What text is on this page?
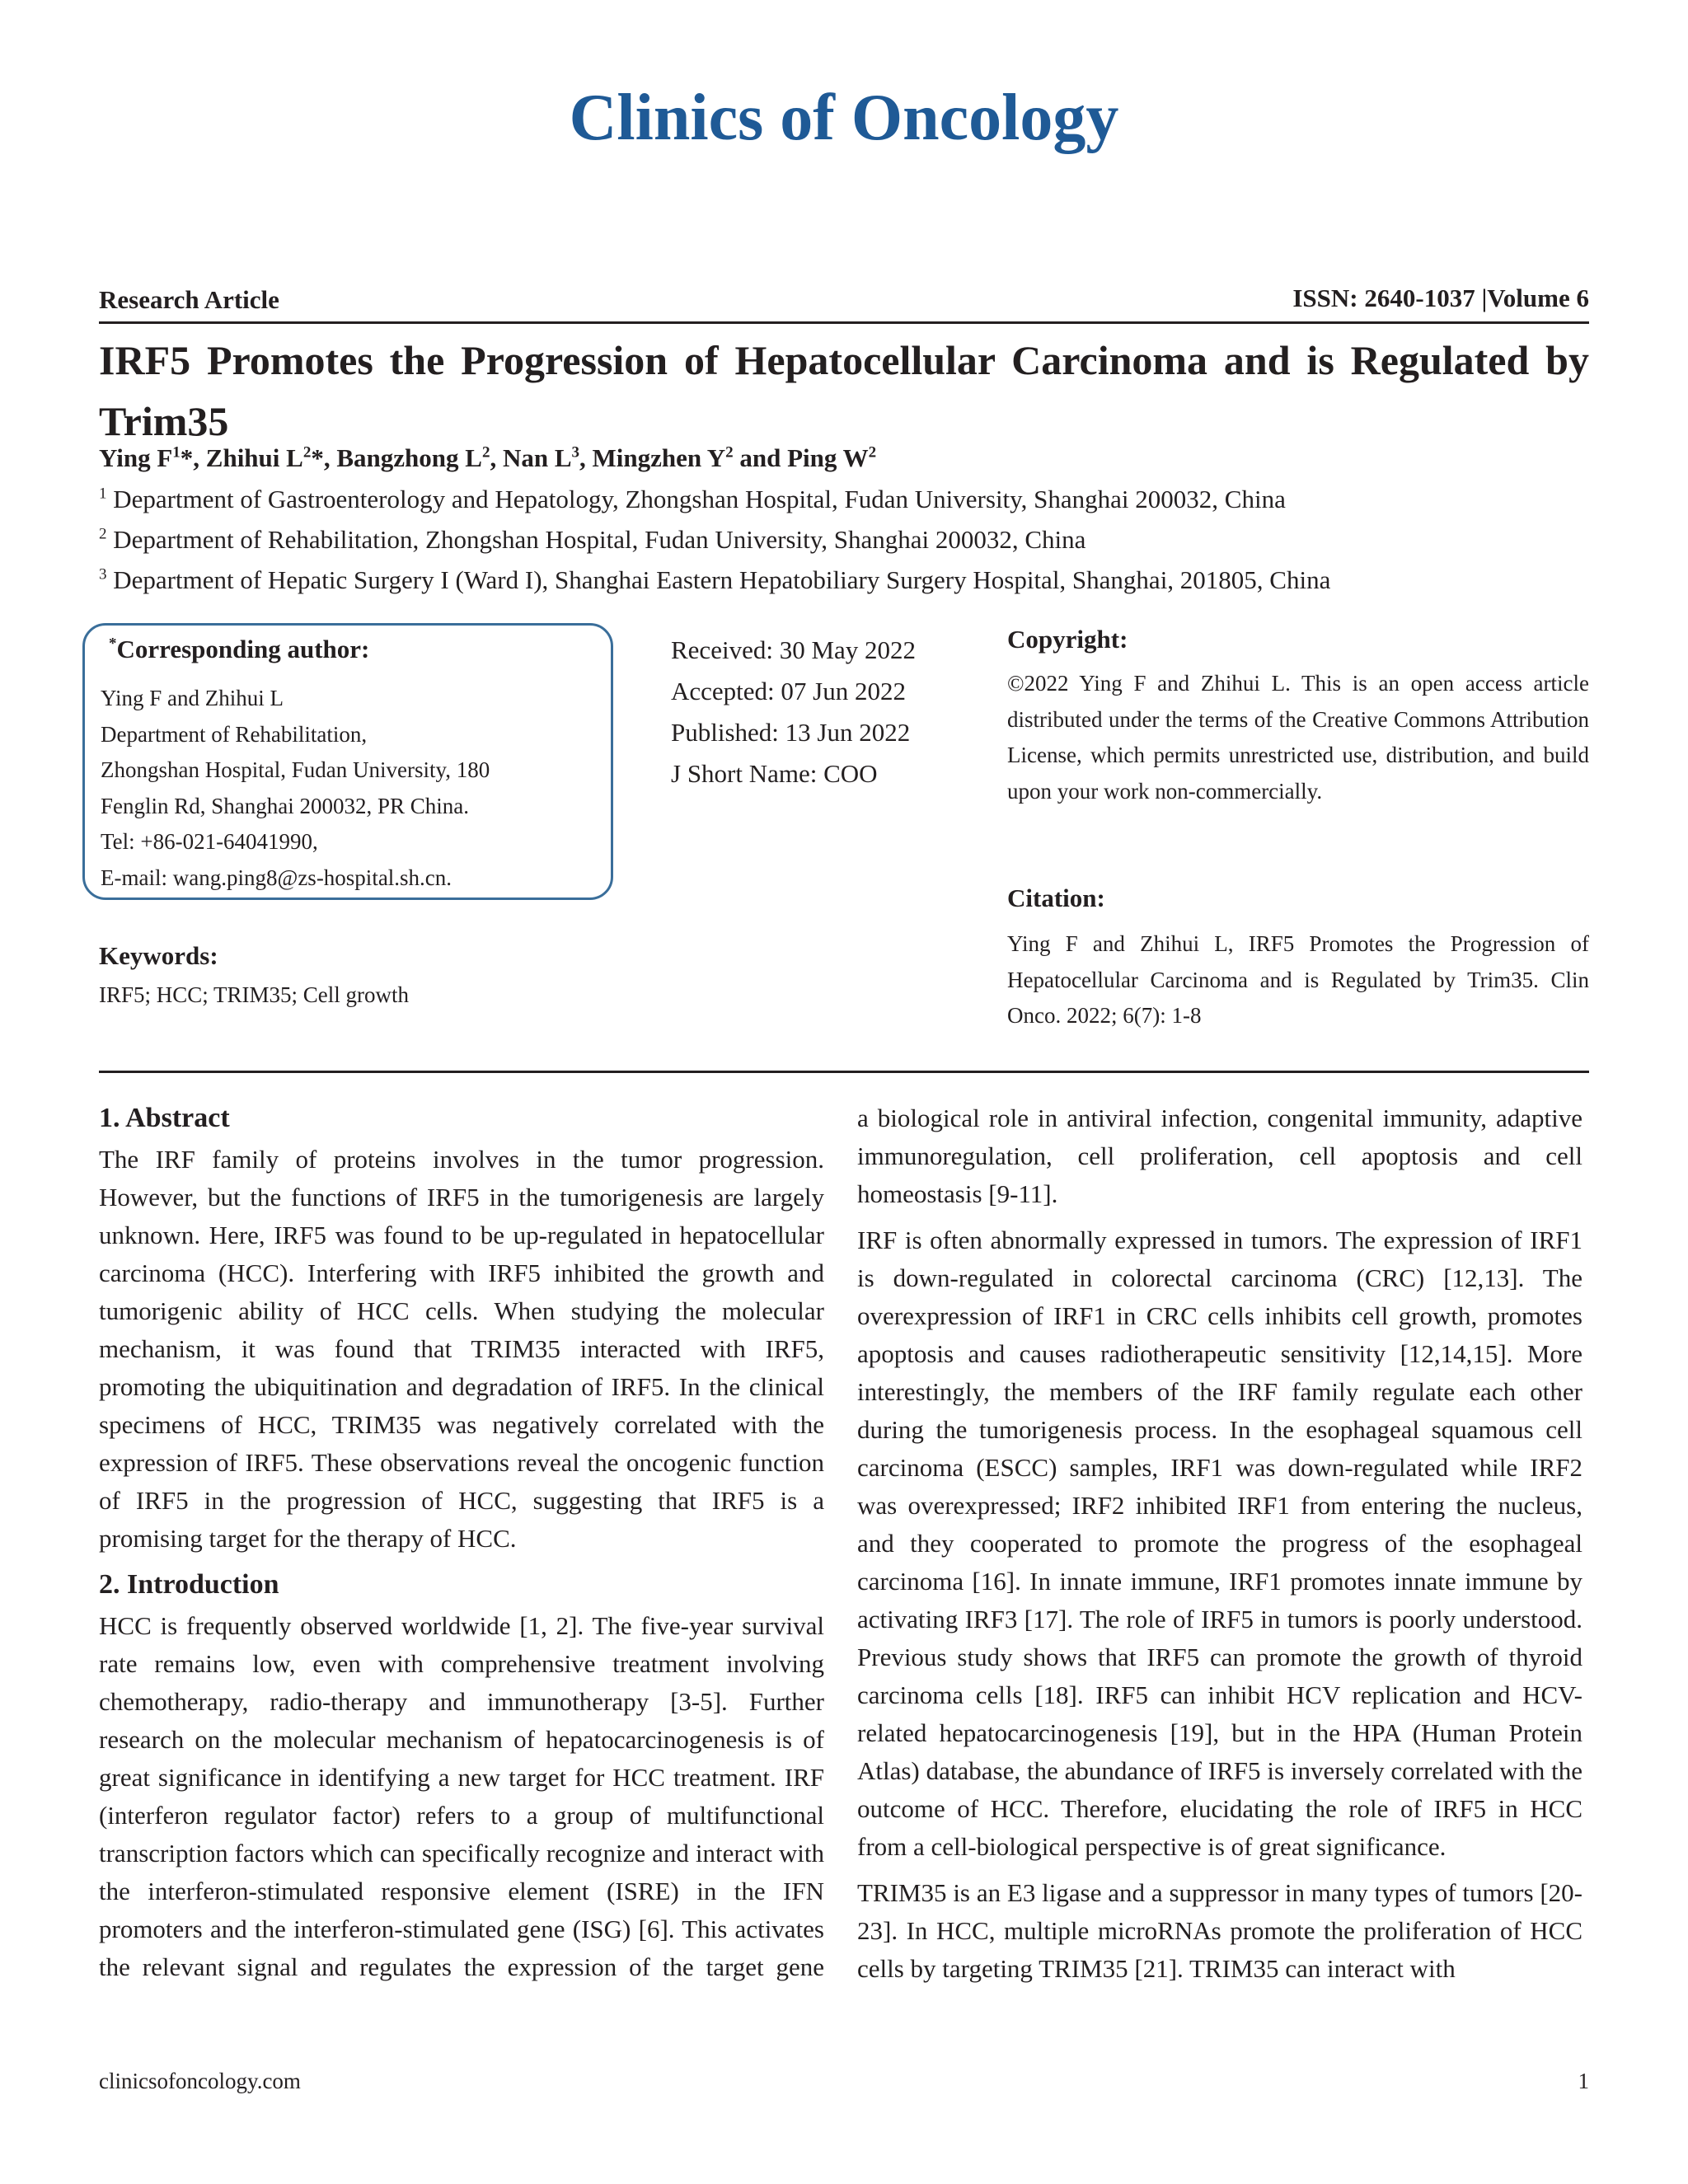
Clinics of Oncology
Research Article	ISSN: 2640-1037 |Volume 6
IRF5 Promotes the Progression of Hepatocellular Carcinoma and is Regulated by Trim35
Ying $F^1*$, Zhihui $L^2*$, Bangzhong $L^2$, Nan $L^3$, Mingzhen $Y^2$ and Ping $W^2$
$^1$ Department of Gastroenterology and Hepatology, Zhongshan Hospital, Fudan University, Shanghai 200032, China
$^2$ Department of Rehabilitation, Zhongshan Hospital, Fudan University, Shanghai 200032, China
$^3$ Department of Hepatic Surgery I (Ward I), Shanghai Eastern Hepatobiliary Surgery Hospital, Shanghai, 201805, China
*Corresponding author:
Ying F and Zhihui L
Department of Rehabilitation,
Zhongshan Hospital, Fudan University, 180
Fenglin Rd, Shanghai 200032, PR China.
Tel: +86-021-64041990,
E-mail: wang.ping8@zs-hospital.sh.cn.
Received: 30 May 2022
Accepted: 07 Jun 2022
Published: 13 Jun 2022
J Short Name: COO
Copyright:
©2022 Ying F and Zhihui L. This is an open access article distributed under the terms of the Creative Commons Attribution License, which permits unrestricted use, distribution, and build upon your work non-commercially.
Citation:
Ying F and Zhihui L, IRF5 Promotes the Progression of Hepatocellular Carcinoma and is Regulated by Trim35. Clin Onco. 2022; 6(7): 1-8
Keywords:
IRF5; HCC; TRIM35; Cell growth
1. Abstract
The IRF family of proteins involves in the tumor progression. However, but the functions of IRF5 in the tumorigenesis are largely unknown. Here, IRF5 was found to be up-regulated in hepatocellular carcinoma (HCC). Interfering with IRF5 inhibited the growth and tumorigenic ability of HCC cells. When studying the molecular mechanism, it was found that TRIM35 interacted with IRF5, promoting the ubiquitination and degradation of IRF5. In the clinical specimens of HCC, TRIM35 was negatively correlated with the expression of IRF5. These observations reveal the oncogenic function of IRF5 in the progression of HCC, suggesting that IRF5 is a promising target for the therapy of HCC.
2. Introduction
HCC is frequently observed worldwide [1, 2]. The five-year survival rate remains low, even with comprehensive treatment involving chemotherapy, radio-therapy and immunotherapy [3-5]. Further research on the molecular mechanism of hepatocarcinogenesis is of great significance in identifying a new target for HCC treatment. IRF (interferon regulator factor) refers to a group of multifunctional transcription factors which can specifically recognize and interact with the interferon-stimulated responsive element (ISRE) in the IFN promoters and the interferon-stimulated gene (ISG) [6]. This activates the relevant signal and regulates the expression of the target gene
a biological role in antiviral infection, congenital immunity, adaptive immunoregulation, cell proliferation, cell apoptosis and cell homeostasis [9-11].
IRF is often abnormally expressed in tumors. The expression of IRF1 is down-regulated in colorectal carcinoma (CRC) [12,13]. The overexpression of IRF1 in CRC cells inhibits cell growth, promotes apoptosis and causes radiotherapeutic sensitivity [12,14,15]. More interestingly, the members of the IRF family regulate each other during the tumorigenesis process. In the esophageal squamous cell carcinoma (ESCC) samples, IRF1 was down-regulated while IRF2 was overexpressed; IRF2 inhibited IRF1 from entering the nucleus, and they cooperated to promote the progress of the esophageal carcinoma [16]. In innate immune, IRF1 promotes innate immune by activating IRF3 [17]. The role of IRF5 in tumors is poorly understood. Previous study shows that IRF5 can promote the growth of thyroid carcinoma cells [18]. IRF5 can inhibit HCV replication and HCV-related hepatocarcinogenesis [19], but in the HPA (Human Protein Atlas) database, the abundance of IRF5 is inversely correlated with the outcome of HCC. Therefore, elucidating the role of IRF5 in HCC from a cell-biological perspective is of great significance.
TRIM35 is an E3 ligase and a suppressor in many types of tumors [20-23]. In HCC, multiple microRNAs promote the proliferation of HCC cells by targeting TRIM35 [21]. TRIM35 can interact with
clinicsofoncology.com	1
